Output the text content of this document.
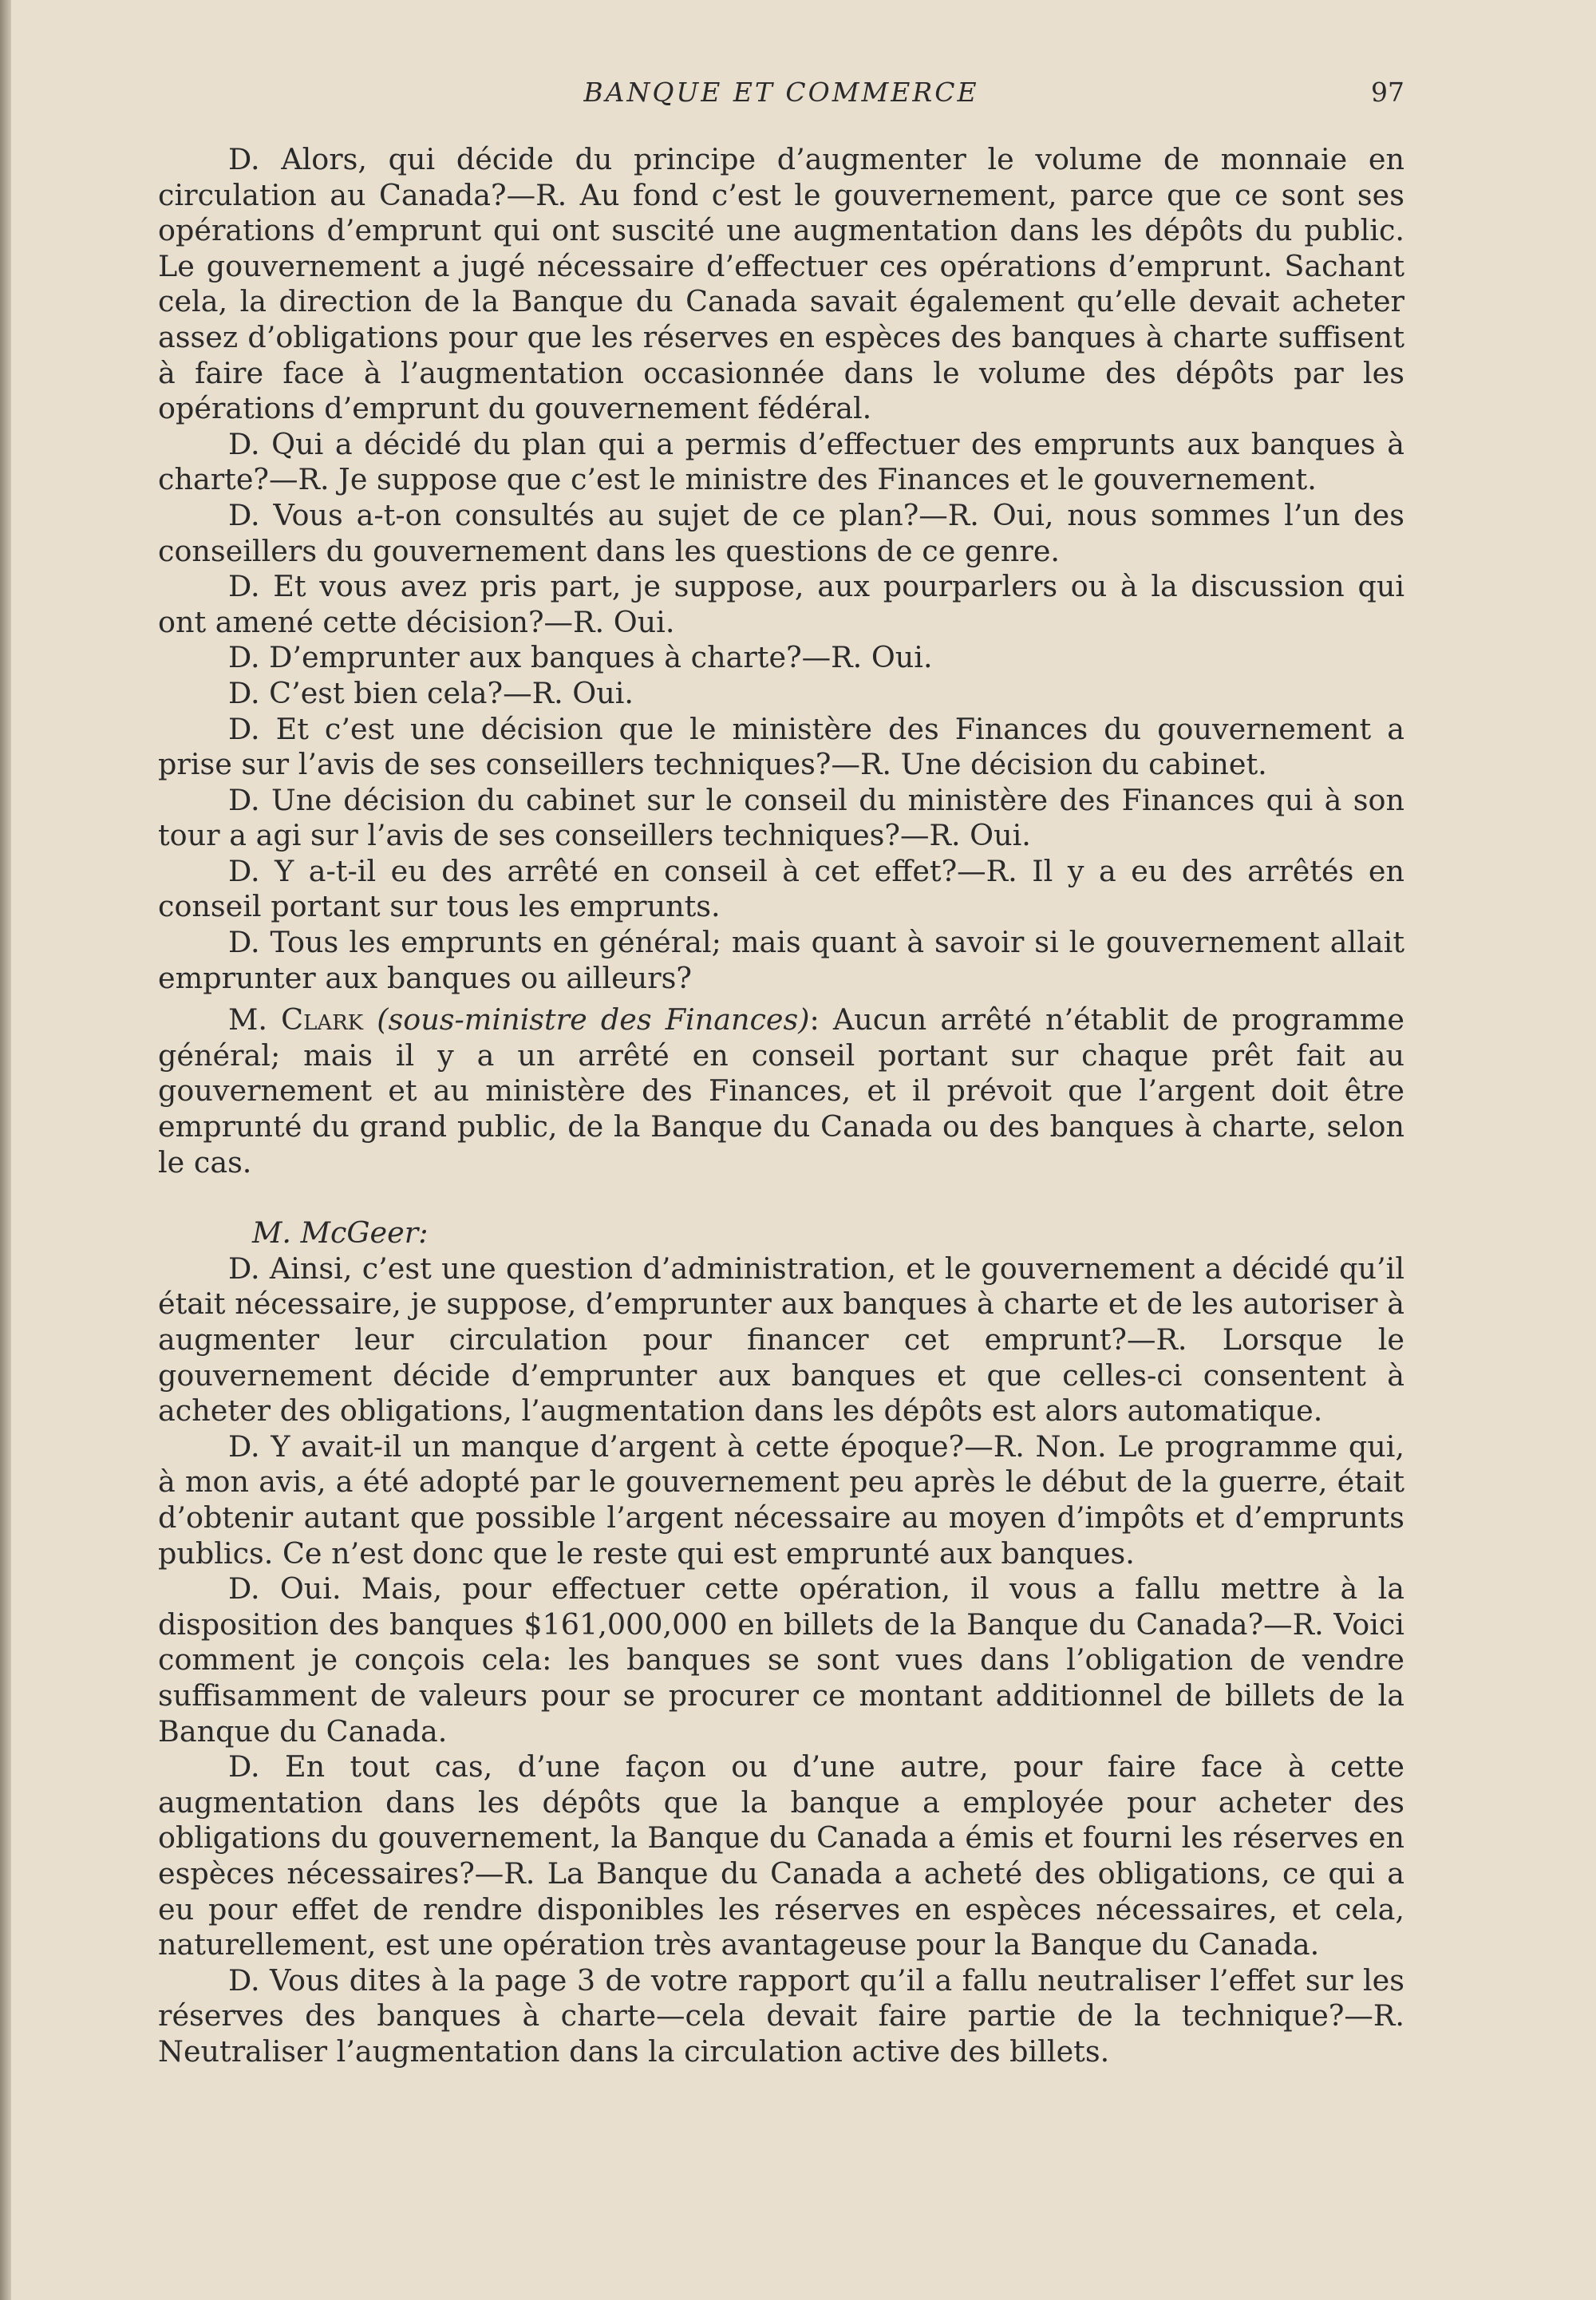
BANQUE ET COMMERCE	97

D. Alors, qui décide du principe d’augmenter le volume de monnaie en circulation au Canada?—R. Au fond c’est le gouvernement, parce que ce sont ses opérations d’emprunt qui ont suscité une augmentation dans les dépôts du public. Le gouvernement a jugé nécessaire d’effectuer ces opérations d’emprunt. Sachant cela, la direction de la Banque du Canada savait également qu’elle devait acheter assez d’obligations pour que les réserves en espèces des banques à charte suffisent à faire face à l’augmentation occasionnée dans le volume des dépôts par les opérations d’emprunt du gouvernement fédéral.

D. Qui a décidé du plan qui a permis d’effectuer des emprunts aux banques à charte?—R. Je suppose que c’est le ministre des Finances et le gouvernement.

D. Vous a-t-on consultés au sujet de ce plan?—R. Oui, nous sommes l’un des conseillers du gouvernement dans les questions de ce genre.

D. Et vous avez pris part, je suppose, aux pourparlers ou à la discussion qui ont amené cette décision?—R. Oui.

D. D’emprunter aux banques à charte?—R. Oui.

D. C’est bien cela?—R. Oui.

D. Et c’est une décision que le ministère des Finances du gouvernement a prise sur l’avis de ses conseillers techniques?—R. Une décision du cabinet.

D. Une décision du cabinet sur le conseil du ministère des Finances qui à son tour a agi sur l’avis de ses conseillers techniques?—R. Oui.

D. Y a-t-il eu des arrêté en conseil à cet effet?—R. Il y a eu des arrêtés en conseil portant sur tous les emprunts.

D. Tous les emprunts en général; mais quant à savoir si le gouvernement allait emprunter aux banques ou ailleurs?

M. Clark (sous-ministre des Finances): Aucun arrêté n’établit de programme général; mais il y a un arrêté en conseil portant sur chaque prêt fait au gouvernement et au ministère des Finances, et il prévoit que l’argent doit être emprunté du grand public, de la Banque du Canada ou des banques à charte, selon le cas.

M. McGeer:

D. Ainsi, c’est une question d’administration, et le gouvernement a décidé qu’il était nécessaire, je suppose, d’emprunter aux banques à charte et de les autoriser à augmenter leur circulation pour financer cet emprunt?—R. Lorsque le gouvernement décide d’emprunter aux banques et que celles-ci consentent à acheter des obligations, l’augmentation dans les dépôts est alors automatique.

D. Y avait-il un manque d’argent à cette époque?—R. Non. Le programme qui, à mon avis, a été adopté par le gouvernement peu après le début de la guerre, était d’obtenir autant que possible l’argent nécessaire au moyen d’impôts et d’emprunts publics. Ce n’est donc que le reste qui est emprunté aux banques.

D. Oui. Mais, pour effectuer cette opération, il vous a fallu mettre à la disposition des banques $161,000,000 en billets de la Banque du Canada?—R. Voici comment je conçois cela: les banques se sont vues dans l’obligation de vendre suffisamment de valeurs pour se procurer ce montant additionnel de billets de la Banque du Canada.

D. En tout cas, d’une façon ou d’une autre, pour faire face à cette augmentation dans les dépôts que la banque a employée pour acheter des obligations du gouvernement, la Banque du Canada a émis et fourni les réserves en espèces nécessaires?—R. La Banque du Canada a acheté des obligations, ce qui a eu pour effet de rendre disponibles les réserves en espèces nécessaires, et cela, naturellement, est une opération très avantageuse pour la Banque du Canada.

D. Vous dites à la page 3 de votre rapport qu’il a fallu neutraliser l’effet sur les réserves des banques à charte—cela devait faire partie de la technique?—R. Neutraliser l’augmentation dans la circulation active des billets.
